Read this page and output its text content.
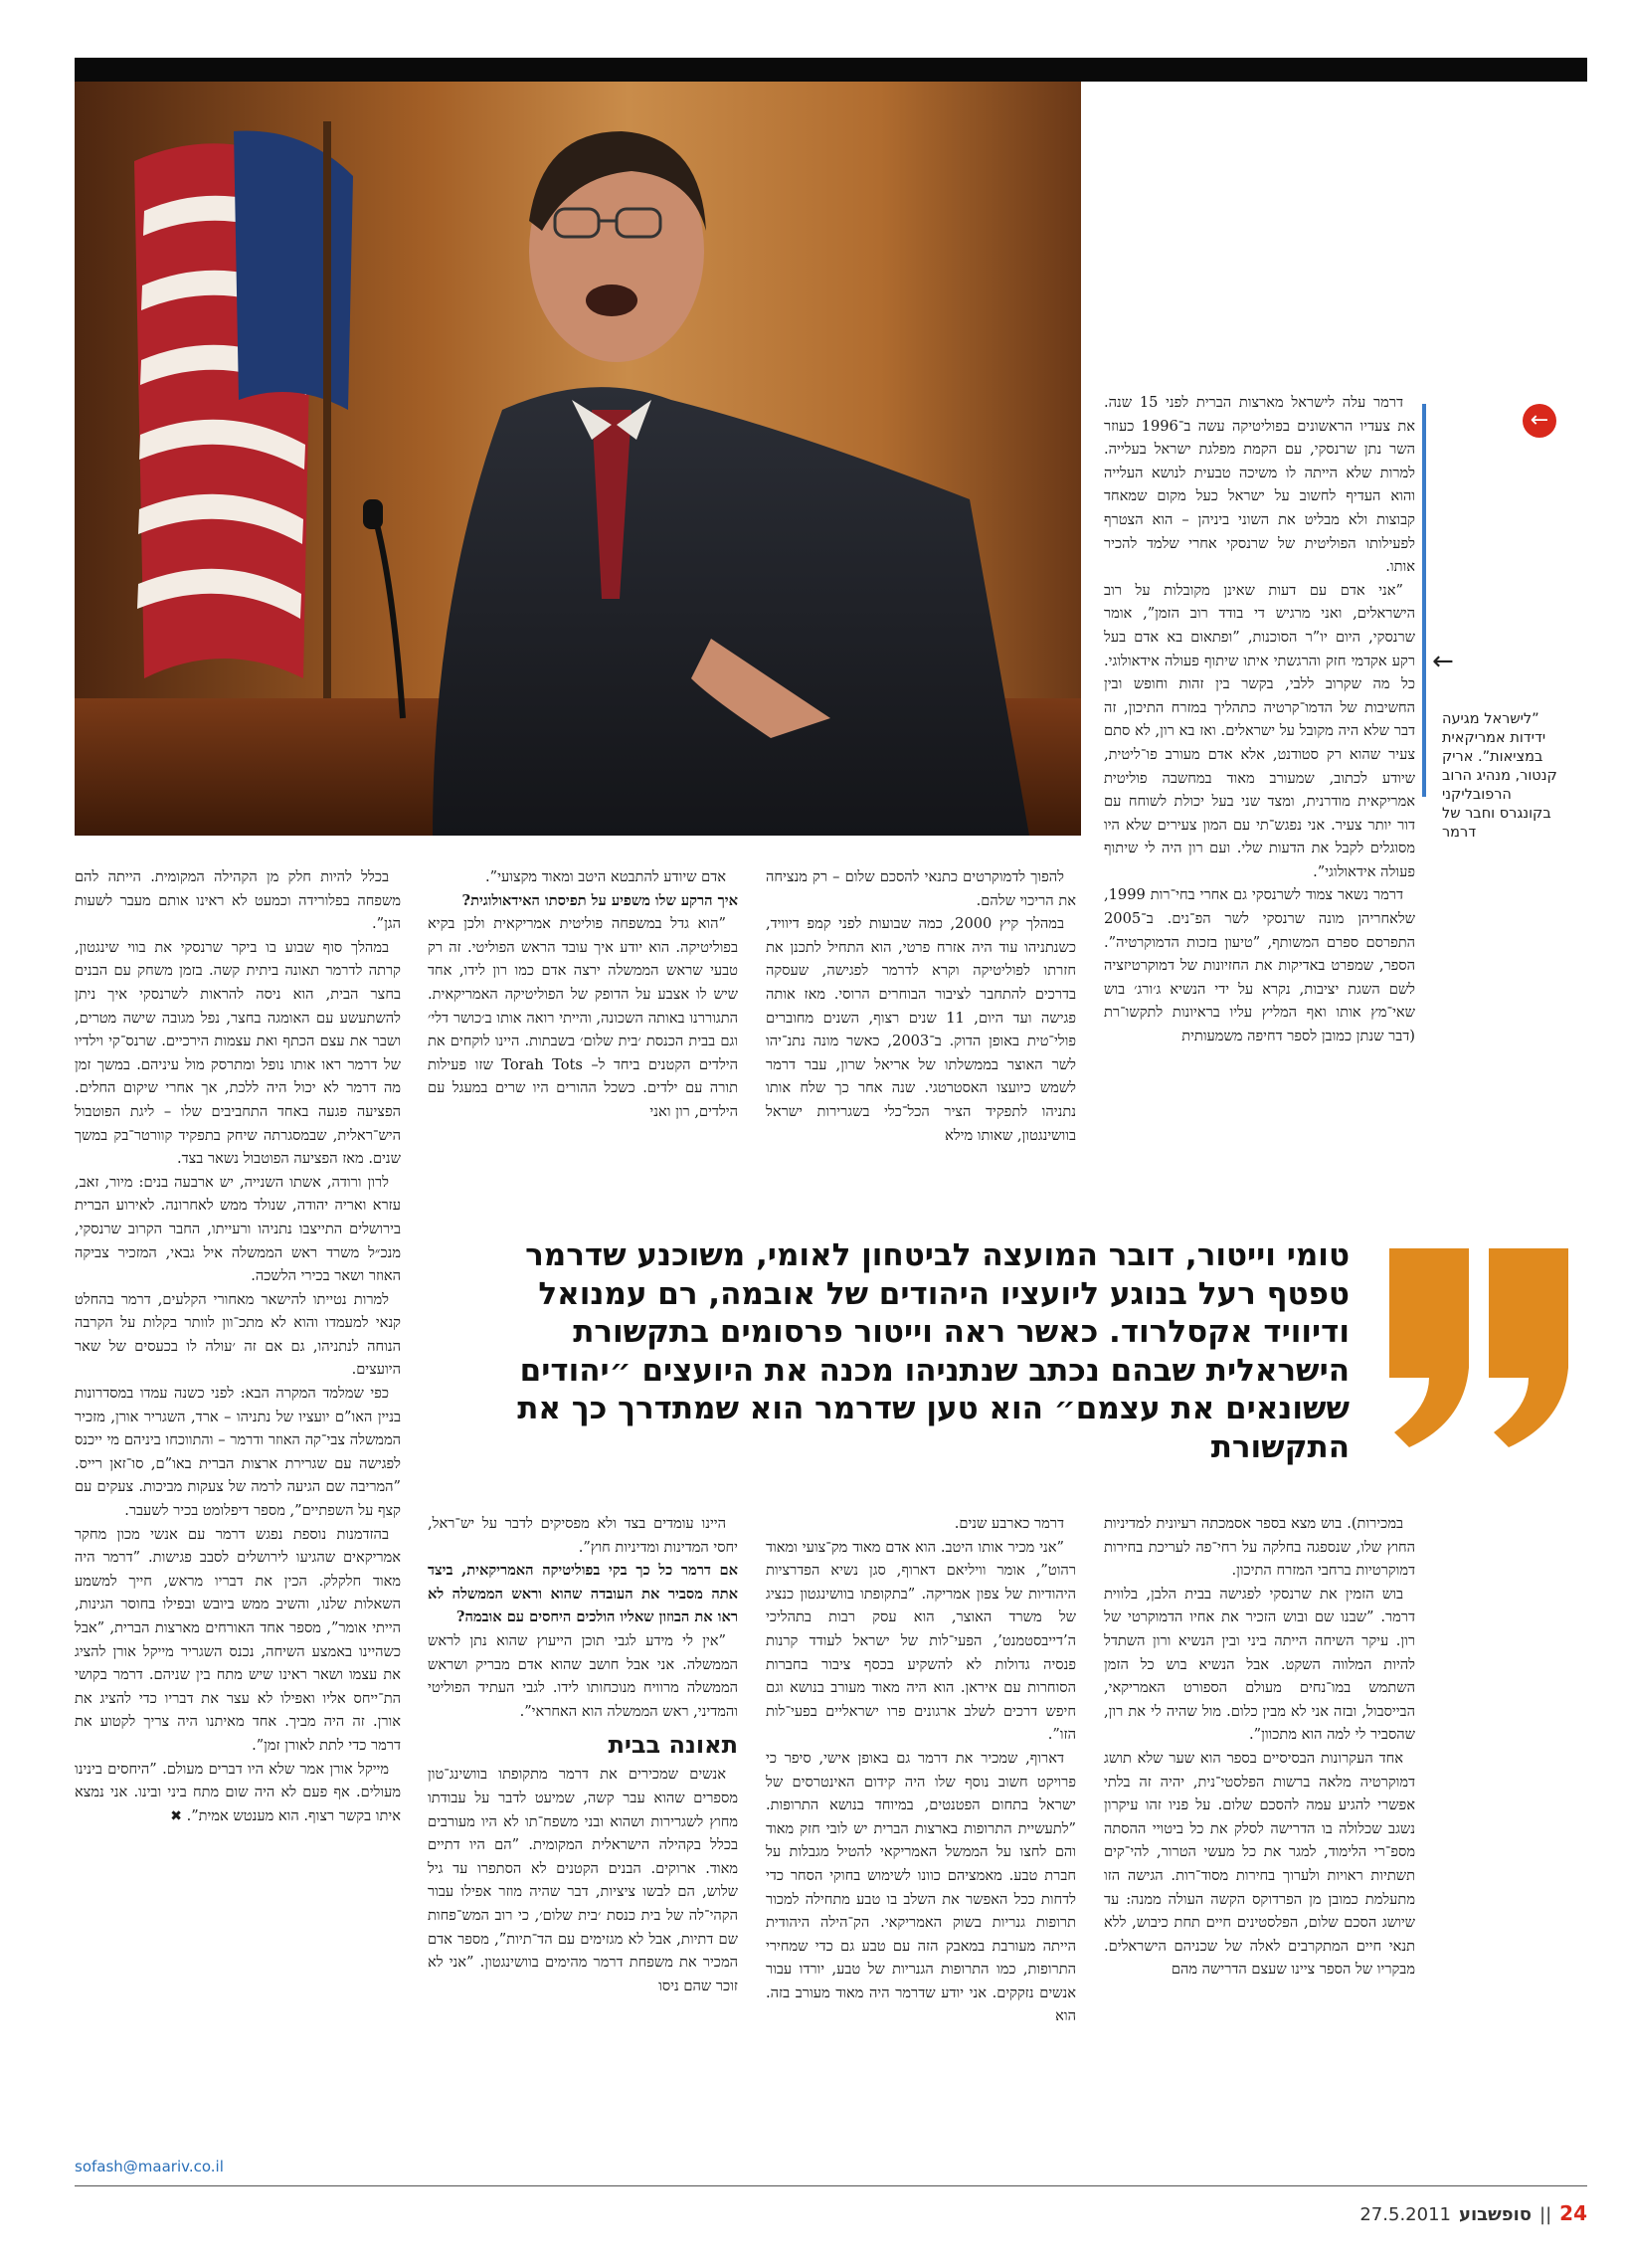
←
←
”לישראל מגיעה ידידות אמריקאית במציאות”. אריק קנטור, מנהיג הרוב הרפובליקני בקונגרס וחבר של דרמר

דרמר עלה לישראל מארצות הברית לפני 15 שנה. את צעדיו הראשונים בפוליטיקה עשה ב־1996 כעוזר השר נתן שרנסקי, עם הקמת מפלגת ישראל בעלייה. למרות שלא הייתה לו משיכה טבעית לנושא העלייה והוא העדיף לחשוב על ישראל כעל מקום שמאחד קבוצות ולא מבליט את השוני ביניהן – הוא הצטרף לפעילותו הפוליטית של שרנסקי אחרי שלמד להכיר אותו.

”אני אדם עם דעות שאינן מקובלות על רוב הישראלים, ואני מרגיש די בודד רוב הזמן”, אומר שרנסקי, היום יו”ר הסוכנות, ”ופתאום בא אדם בעל רקע אקדמי חזק והרגשתי איתו שיתוף פעולה אידאולוגי. כל מה שקרוב ללבי, בקשר בין זהות וחופש ובין החשיבות של הדמו־קרטיה כתהליך במזרח התיכון, זה דבר שלא היה מקובל על ישראלים. ואז בא רון, לא סתם צעיר שהוא רק סטודנט, אלא אדם מעורב פו־ליטית, שיודע לכתוב, שמעורב מאוד במחשבה פוליטית אמריקאית מודרנית, ומצד שני בעל יכולת לשוחח עם דור יותר צעיר. אני נפגש־תי עם המון צעירים שלא היו מסוגלים לקבל את הדעות שלי. ועם רון היה לי שיתוף פעולה אידאולוגי”.

דרמר נשאר צמוד לשרנסקי גם אחרי בחי־רות 1999, שלאחריהן מונה שרנסקי לשר הפ־נים. ב־2005 התפרסם ספרם המשותף, ”טיעון בזכות הדמוקרטיה”. הספר, שמפרט באדיקות את החזיונות של דמוקרטיזציה לשם השגת יציבות, נקרא על ידי הנשיא ג׳ורג׳ בוש שאי־מץ אותו ואף המליץ עליו בראיונות לתקשו־רת (דבר שנתן כמובן לספר דחיפה משמעותית

להפוך לדמוקרטים כתנאי להסכם שלום – רק מנציחה את הריכוי שלהם.

במהלך קיץ 2000, כמה שבועות לפני קמפ דיוויד, כשנתניהו עוד היה אזרח פרטי, הוא התחיל לתכנן את חזרתו לפוליטיקה וקרא לדרמר לפגישה, שעסקה בדרכים להתחבר לציבור הבוחרים הרוסי. מאז אותה פגישה ועד היום, 11 שנים רצוף, השנים מחוברים פולי־טית באופן הדוק. ב־2003, כאשר מונה נתנ־יהו לשר האוצר בממשלתו של אריאל שרון, עבר דרמר לשמש כיועצו האסטרטגי. שנה אחר כך שלח אותו נתניהו לתפקיד הציר הכל־כלי בשגרירות ישראל בוושינגטון, שאותו מילא

אדם שיודע להתבטא היטב ומאוד מקצועי”.

איך הרקע שלו משפיע על תפיסתו האידאולוגית?

”הוא גדל במשפחה פוליטית אמריקאית ולכן בקיא בפוליטיקה. הוא יודע איך עובד הראש הפוליטי. זה רק טבעי שראש הממשלה ירצה אדם כמו רון לידו, אחד שיש לו אצבע על הדופק של הפוליטיקה האמריקאית. התגוררנו באותה השכונה, והייתי רואה אותו ב׳כושר דלי׳ וגם בבית הכנסת ׳בית שלום׳ בשבתות. היינו לוקחים את הילדים הקטנים ביחד ל– Torah Tots שזו פעילות תורה עם ילדים. כשכל ההורים היו שרים במעגל עם הילדים, רון ואני

בכלל להיות חלק מן הקהילה המקומית. הייתה להם משפחה בפלורידה וכמעט לא ראינו אותם מעבר לשעות הגן”.

במהלך סוף שבוע בו ביקר שרנסקי את בווי שינגטון, קרתה לדרמר תאונה ביתית קשה. בזמן משחק עם הבנים בחצר הבית, הוא ניסה להראות לשרנסקי איך ניתן להשתעשע עם האומגה בחצר, נפל מגובה שישה מטרים, ושבר את עצם הכתף ואת עצמות הירכיים. שרנס־קי וילדיו של דרמר ראו אותו נופל ומתרסק מול עיניהם. במשך זמן מה דרמר לא יכול היה ללכת, אך אחרי שיקום החלים. הפציעה פגעה באחד התחביבים שלו – ליגת הפוטבול היש־ראלית, שבמסגרתה שיחק בתפקיד קוורטר־בק במשך שנים. מאז הפציעה הפוטבול נשאר בצד.

לרון ורודה, אשתו השנייה, יש ארבעה בנים: מיור, זאב, עזרא ואריה יהודה, שנולד ממש לאחרונה. לאירוע הברית בירושלים התייצבו נתניהו ורעייתו, החבר הקרוב שרנסקי, מנכ״ל משרד ראש הממשלה איל גבאי, המזכיר צביקה האוזר ושאר בכירי הלשכה.

למרות נטייתו להישאר מאחורי הקלעים, דרמר בהחלט קנאי למעמדו והוא לא מתכ־וון לוותר בקלות על הקרבה הנוחה לנתניהו, גם אם זה ׳עולה לו בכעסים של שאר היועצים.

כפי שמלמד המקרה הבא: לפני כשנה עמדו במסדרונות בניין האו”ם יועציו של נתניהו – ארד, השגריר אורן, מזכיר הממשלה צבי־קה האוזר ודרמר – והתווכחו ביניהם מי ייכנס לפגישה עם שגרירת ארצות הברית באו”ם, סו־זאן רייס. ”המריבה שם הגיעה לרמה של צעקות מביכות. צעקים עם קצף על השפתיים”, מספר דיפלומט בכיר לשעבר.

בהזדמנות נוספת נפגש דרמר עם אנשי מכון מחקר אמריקאים שהגיעו לירושלים לסבב פגישות. ”דרמר היה מאוד חלקלק. הכין את דבריו מראש, חייך למשמע השאלות שלנו, והשיב ממש ביובש ובפילו בחוסר הגינות, הייתי אומר”, מספר אחד האורחים מארצות הברית, ”אבל כשהיינו באמצע השיחה, נכנס השגריר מייקל אורן להציג את עצמו ושאר ראינו שיש מתח בין שניהם. דרמר בקושי הת־ייחס אליו ואפילו לא עצר את דבריו כדי להציג את אורן. זה היה מביך. אחד מאיתנו היה צריך לקטוע את דרמר כדי לתת לאורן זמן”.

מייקל אורן אמר שלא היו דברים מעולם. ”היחסים בינינו מעולים. אף פעם לא היה שום מתח ביני ובינו. אני נמצא איתו בקשר רצוף. הוא מענטש אמית”. ✖

טומי וייטור, דובר המועצה לביטחון לאומי, משוכנע שדרמר טפטף רעל בנוגע ליועציו היהודים של אובמה, רם עמנואל ודיוויד אקסלרוד. כאשר ראה וייטור פרסומים בתקשורת הישראלית שבהם נכתב שנתניהו מכנה את היועצים ״יהודים ששונאים את עצמם״ הוא טען שדרמר הוא שמתדרך כך את התקשורת

במכירות). בוש מצא בספר אסמכתה רעיונית למדיניות החוץ שלו, שנספגה בחלקה על רחי־פה לעריכת בחירות דמוקרטיות ברחבי המזרח התיכון.

בוש הזמין את שרנסקי לפגישה בבית הלבן, בלווית דרמר. ”שבנו שם ובוש הזכיר את אחיו הדמוקרטי של רון. עיקר השיחה הייתה ביני ובין הנשיא ורון השתדל להיות המלווה השקט. אבל הנשיא בוש כל הזמן השתמש במו־נחים מעולם הספורט האמריקאי, הבייסבול, ובזה אני לא מבין כלום. מול שהיה לי את רון, שהסביר לי למה הוא מתכוון”.

אחד העקרונות הבסיסיים בספר הוא שער שלא תושג דמוקרטיה מלאה ברשות הפלסטי־נית, יהיה זה בלתי אפשרי להגיע עמה להסכם שלום. על פניו זהו עיקרון נשגב שכלולה בו הדרישה לסלק את כל ביטויי ההסתה מספ־רי הלימוד, למגר את כל מעשי הטרור, להי־קים תשתיות ראויות ולערוך בחירות מסוד־רות. הגישה הזו מתעלמת כמובן מן הפרדוקס הקשה העולה ממנה: עד שיושג הסכם שלום, הפלסטינים חיים תחת כיבוש, ללא תנאי חיים המתקרבים לאלה של שכניהם הישראלים. מבקריו של הספר ציינו שעצם הדרישה מהם

דרמר כארבע שנים.

”אני מכיר אותו היטב. הוא אדם מאוד מק־צועי ומאוד רהוט”, אומר וויליאם דארוף, סגן נשיא הפדרציות היהודיות של צפון אמריקה. ”בתקופתו בוושינגטון כנציג של משרד האוצר, הוא עסק רבות בתהליכי ה’דייבסטמנט’, הפעי־לות של ישראל לעודד קרנות פנסיה גדולות לא להשקיע בכסף ציבור בחברות הסוחרות עם איראן. הוא היה מאוד מעורב בנושא וגם חיפש דרכים לשלב ארגונים פרו ישראליים בפעי־לות הזו”.

דארוף, שמכיר את דרמר גם באופן אישי, סיפר כי פרויקט חשוב נוסף שלו היה קידום האינטרסים של ישראל בתחום הפטנטים, במיוחד בנושא התרופות. ”לתעשיית התרופות בארצות הברית יש לובי חזק מאוד והם לחצו על הממשל האמריקאי להטיל מגבלות על חברת טבע. מאמציהם כוונו לשימוש בחוקי הסחר כדי לדחות ככל האפשר את השלב בו טבע מתחילה למכור תרופות גנריות בשוק האמריקאי. הק־הילה היהודית הייתה מעורבת במאבק הזה עם טבע גם כדי שמחירי התרופות, כמו התרופות הגנריות של טבע, יורדו עבור אנשים נזקקים. אני יודע שדרמר היה מאוד מעורב בזה. הוא

היינו עומדים בצד ולא מפסיקים לדבר על יש־ראל, יחסי המדינות ומדיניות חוץ”.

אם דרמר כל כך בקי בפוליטיקה האמריקאית, ביצד אתה מסביר את העובדה שהוא וראש הממשלה לא ראו את הבוזון שאליו הולכים היחסים עם אובמה?

”אין לי מידע לגבי תוכן הייעוץ שהוא נתן לראש הממשלה. אני אבל חושב שהוא אדם מבריק ושראש הממשלה מרוויח מנוכחותו לידו. לגבי העתיד הפוליטי והמדיני, ראש הממשלה הוא האחראי”.

תאונה בבית

אנשים שמכירים את דרמר מתקופתו בוושינג־טון מספרים שהוא עבר קשה, שמיעט לדבר על עבודתו מחוץ לשגרירות ושהוא ובני משפח־תו לא היו מעורבים בכלל בקהילה הישראלית המקומית. ”הם היו דתיים מאוד. ארוקים. הבנים הקטנים לא הסתפרו עד גיל שלוש, הם לבשו ציציות, דבר שהיה מוזר אפילו עבור הקהי־לה של בית כנסת ׳בית שלום׳, כי רוב המש־פחות שם דתיות, אבל לא מגזימים עם הד־תיות”, מספר אדם המכיר את משפחת דרמר מהימים בוושינגטון. ”אני לא זוכר שהם ניסו

sofash@maariv.co.il
27.5.2011 סופשבוע || 24
